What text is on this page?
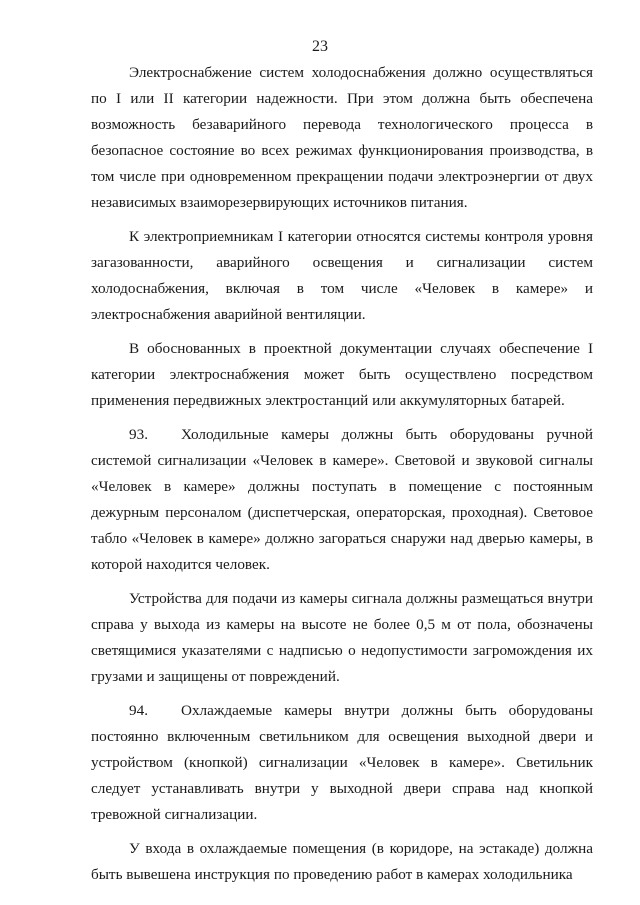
23

Электроснабжение систем холодоснабжения должно осуществляться по I или II категории надежности. При этом должна быть обеспечена возможность безаварийного перевода технологического процесса в безопасное состояние во всех режимах функционирования производства, в том числе при одновременном прекращении подачи электроэнергии от двух независимых взаиморезервирующих источников питания.

К электроприемникам I категории относятся системы контроля уровня загазованности, аварийного освещения и сигнализации систем холодоснабжения, включая в том числе «Человек в камере» и электроснабжения аварийной вентиляции.

В обоснованных в проектной документации случаях обеспечение I категории электроснабжения может быть осуществлено посредством применения передвижных электростанций или аккумуляторных батарей.

93. Холодильные камеры должны быть оборудованы ручной системой сигнализации «Человек в камере». Световой и звуковой сигналы «Человек в камере» должны поступать в помещение с постоянным дежурным персоналом (диспетчерская, операторская, проходная). Световое табло «Человек в камере» должно загораться снаружи над дверью камеры, в которой находится человек.

Устройства для подачи из камеры сигнала должны размещаться внутри справа у выхода из камеры на высоте не более 0,5 м от пола, обозначены светящимися указателями с надписью о недопустимости загромождения их грузами и защищены от повреждений.

94. Охлаждаемые камеры внутри должны быть оборудованы постоянно включенным светильником для освещения выходной двери и устройством (кнопкой) сигнализации «Человек в камере». Светильник следует устанавливать внутри у выходной двери справа над кнопкой тревожной сигнализации.

У входа в охлаждаемые помещения (в коридоре, на эстакаде) должна быть вывешена инструкция по проведению работ в камерах холодильника
